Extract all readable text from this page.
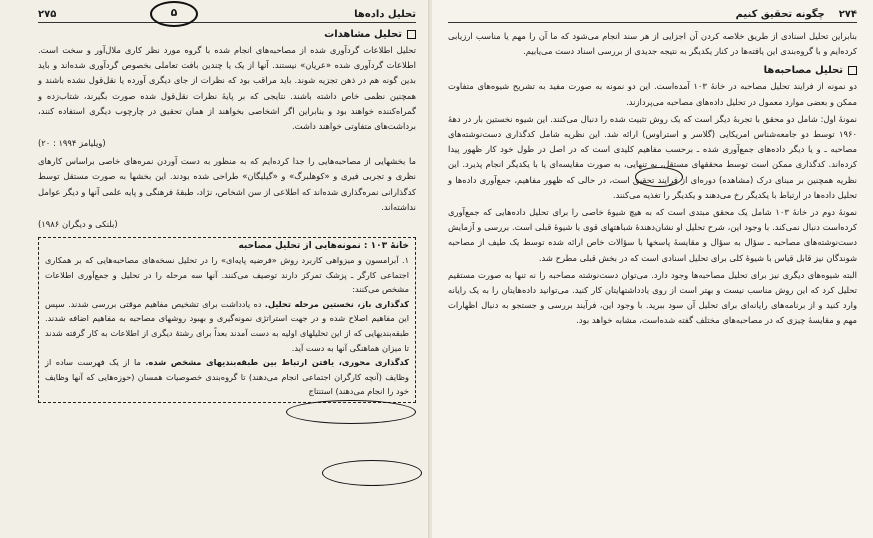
تحلیل داده‌ها
۲۷۵	۵
تحلیل مشاهدات

تحلیل اطلاعات گردآوری شده از مصاحبه‌های انجام شده با گروه مورد نظر کاری ملال‌آور و سخت است. اطلاعات گردآوری شده «عریان» نیستند. آنها از یک یا چندین بافت تعاملی بخصوص گردآوری شده‌اند و باید بدین گونه هم در ذهن تجزیه شوند. باید مراقب بود که نظرات از جای دیگری آورده یا نقل‌قول نشده باشند و همچنین نظمی خاص داشته باشند. نتایجی که بر پایهٔ نظرات نقل‌قول شده صورت بگیرند، شتاب‌زده و گمراه‌کننده خواهند بود و بنابراین اگر اشخاصی بخواهند از همان تحقیق در چارچوب دیگری استفاده کنند، برداشت‌های متفاوتی خواهند داشت.

(ویلیامز ۱۹۹۴ : ۲۰)

ما بخشهایی از مصاحبه‌هایی را جدا کرده‌ایم که به منظور به دست آوردن نمره‌های خاصی براساس کارهای نظری و تجربی فیری و «کوهلبرگ» و «گیلیگان» طراحی شده بودند. این بخشها به صورت مستقل توسط کدگذارانی نمره‌گذاری شده‌اند که اطلاعی از سن اشخاص، نژاد، طبقهٔ فرهنگی و پایه علمی آنها و دیگر عوامل نداشته‌اند.

(بلنکی و دیگران ۱۹۸۶)
خانهٔ ۱۰۳ : نمونه‌هایی از تحلیل مصاحبه

۱. آبرامسون و میزواهی کاربرد روش «فرضیه پایه‌ای» را در تحلیل نسخه‌های مصاحبه‌هایی که بر همکاری اجتماعی کارگر ـ پزشک تمرکز دارند توصیف می‌کنند. آنها سه مرحله را در تحلیل و جمع‌آوری اطلاعات مشخص می‌کنند:

کدگذاری باز، نخستین مرحله تحلیل. ده یادداشت برای تشخیص مفاهیم موقتی بررسی شدند. سپس این مفاهیم اصلاح شده و در جهت استراتژی نمونه‌گیری و بهبود روشهای مصاحبه به مفاهیم اضافه شدند. طبقه‌بندیهایی که از این تحلیلهای اولیه به دست آمدند بعداً برای رشتهٔ دیگری از اطلاعات به کار گرفته شدند تا میزان هماهنگی آنها به دست آید.

کدگذاری محوری، یافتن ارتباط بین طبقه‌بندیهای مشخص شده. ما از یک فهرست ساده از وظایف (آنچه کارگران اجتماعی انجام می‌دهند) تا گروه‌بندی خصوصیات همسان (حوزه‌هایی که آنها وظایف خود را انجام می‌دهند) استنتاج

۲۷۴    چگونه تحقیق کنیم

بنابراین تحلیل اسنادی از طریق خلاصه کردن آن اجزایی از هر سند انجام می‌شود که ما آن را مهم یا مناسب ارزیابی کرده‌ایم و با گروه‌بندی این یافته‌ها در کنار یکدیگر به نتیجه جدیدی از بررسی اسناد دست می‌یابیم.

تحلیل مصاحبه‌ها

دو نمونه از فرایند تحلیل مصاحبه در خانهٔ ۱۰۳ آمده‌است. این دو نمونه به صورت مفید به تشریح شیوه‌های متفاوت ممکن و بعضی موارد معمول در تحلیل داده‌های مصاحبه می‌پردازند.

نمونهٔ اول: شامل دو محقق با تجربهٔ دیگر است که یک روش تثبیت شده را دنبال می‌کنند. این شیوه نخستین بار در دههٔ ۱۹۶۰ توسط دو جامعه‌شناس امریکایی (گلاسر و استراوس) ارائه شد. این نظریه شامل کدگذاری دست‌نوشته‌های مصاحبه ـ و یا دیگر داده‌های جمع‌آوری شده ـ برحسب مفاهیم کلیدی است که در اصل در طول خود کار ظهور پیدا کرده‌اند. کدگذاری ممکن است توسط محققهای مستقل، به تنهایی، به صورت مقایسه‌ای یا با یکدیگر انجام پذیرد. این نظریه همچنین بر مبنای درک (مشاهده) دوره‌ای از فرایند تحقیق است، در حالی که ظهور مفاهیم، جمع‌آوری داده‌ها و تحلیل داده‌ها در ارتباط با یکدیگر رخ می‌دهند و یکدیگر را تغذیه می‌کنند.

نمونهٔ دوم در خانهٔ ۱۰۳ شامل یک محقق مبتدی است که به هیچ شیوهٔ خاصی را برای تحلیل داده‌هایی که جمع‌آوری کرده‌است دنبال نمی‌کند. با وجود این، شرح تحلیل او نشان‌دهندهٔ شباهتهای قوی با شیوهٔ قبلی است. بررسی و آزمایش دست‌نوشته‌های مصاحبه ـ سؤال به سؤال و مقایسهٔ پاسخها با سؤالات خاص ارائه شده توسط یک طیف از مصاحبه شوندگان نیز قابل قیاس با شیوهٔ کلی برای تحلیل اسنادی است که در بخش قبلی مطرح شد.

البته شیوه‌های دیگری نیز برای تحلیل مصاحبه‌ها وجود دارد. می‌توان دست‌نوشته مصاحبه را نه تنها به صورت مستقیم تحلیل کرد که این روش مناسب نیست و بهتر است از روی یادداشتهایتان کار کنید. می‌توانید داده‌هایتان را به یک رایانه وارد کنید و از برنامه‌های رایانه‌ای برای تحلیل آن سود ببرید. با وجود این، فرآیند بررسی و جستجو به دنبال اظهارات مهم و مقایسهٔ چیزی که در مصاحبه‌های مختلف گفته شده‌است، مشابه خواهد بود.
